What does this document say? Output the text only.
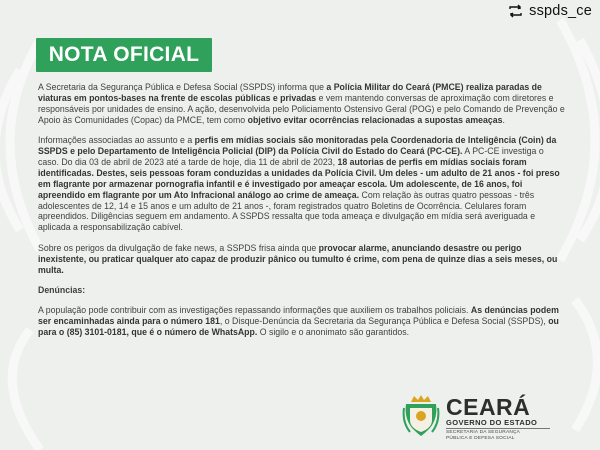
sspds_ce
NOTA OFICIAL

A Secretaria da Segurança Pública e Defesa Social (SSPDS) informa que a Polícia Militar do Ceará (PMCE) realiza paradas de viaturas em pontos-bases na frente de escolas públicas e privadas e vem mantendo conversas de aproximação com diretores e responsáveis por unidades de ensino. A ação, desenvolvida pelo Policiamento Ostensivo Geral (POG) e pelo Comando de Prevenção e Apoio às Comunidades (Copac) da PMCE, tem como objetivo evitar ocorrências relacionadas a supostas ameaças.

Informações associadas ao assunto e a perfis em mídias sociais são monitoradas pela Coordenadoria de Inteligência (Coin) da SSPDS e pelo Departamento de Inteligência Policial (DIP) da Polícia Civil do Estado do Ceará (PC-CE). A PC-CE investiga o caso. Do dia 03 de abril de 2023 até a tarde de hoje, dia 11 de abril de 2023, 18 autorias de perfis em mídias sociais foram identificadas. Destes, seis pessoas foram conduzidas a unidades da Polícia Civil. Um deles - um adulto de 21 anos - foi preso em flagrante por armazenar pornografia infantil e é investigado por ameaçar escola. Um adolescente, de 16 anos, foi apreendido em flagrante por um Ato Infracional análogo ao crime de ameaça. Com relação às outras quatro pessoas - três adolescentes de 12, 14 e 15 anos e um adulto de 21 anos -, foram registrados quatro Boletins de Ocorrência. Celulares foram apreendidos. Diligências seguem em andamento. A SSPDS ressalta que toda ameaça e divulgação em mídia será averiguada e aplicada a responsabilização cabível.

Sobre os perigos da divulgação de fake news, a SSPDS frisa ainda que provocar alarme, anunciando desastre ou perigo inexistente, ou praticar qualquer ato capaz de produzir pânico ou tumulto é crime, com pena de quinze dias a seis meses, ou multa.

Denúncias:

A população pode contribuir com as investigações repassando informações que auxiliem os trabalhos policiais. As denúncias podem ser encaminhadas ainda para o número 181, o Disque-Denúncia da Secretaria da Segurança Pública e Defesa Social (SSPDS), ou para o (85) 3101-0181, que é o número de WhatsApp. O sigilo e o anonimato são garantidos.

CEARÁ
GOVERNO DO ESTADO
SECRETARIA DA SEGURANÇA
PÚBLICA E DEFESA SOCIAL
